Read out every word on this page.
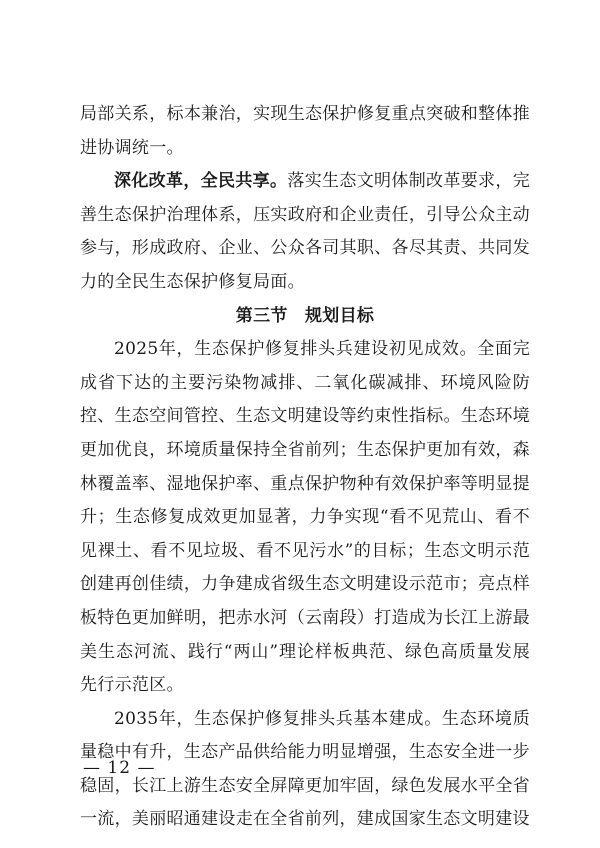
局部关系，标本兼治，实现生态保护修复重点突破和整体推进协调统一。

深化改革，全民共享。落实生态文明体制改革要求，完善生态保护治理体系，压实政府和企业责任，引导公众主动参与，形成政府、企业、公众各司其职、各尽其责、共同发力的全民生态保护修复局面。

第三节　规划目标

2025年，生态保护修复排头兵建设初见成效。全面完成省下达的主要污染物减排、二氧化碳减排、环境风险防控、生态空间管控、生态文明建设等约束性指标。生态环境更加优良，环境质量保持全省前列；生态保护更加有效，森林覆盖率、湿地保护率、重点保护物种有效保护率等明显提升；生态修复成效更加显著，力争实现“看不见荒山、看不见裸土、看不见垃圾、看不见污水”的目标；生态文明示范创建再创佳绩，力争建成省级生态文明建设示范市；亮点样板特色更加鲜明，把赤水河（云南段）打造成为长江上游最美生态河流、践行“两山”理论样板典范、绿色高质量发展先行示范区。

2035年，生态保护修复排头兵基本建成。生态环境质量稳中有升，生态产品供给能力明显增强，生态安全进一步稳固，长江上游生态安全屏障更加牢固，绿色发展水平全省一流，美丽昭通建设走在全省前列，建成国家生态文明建设

— 12 —
